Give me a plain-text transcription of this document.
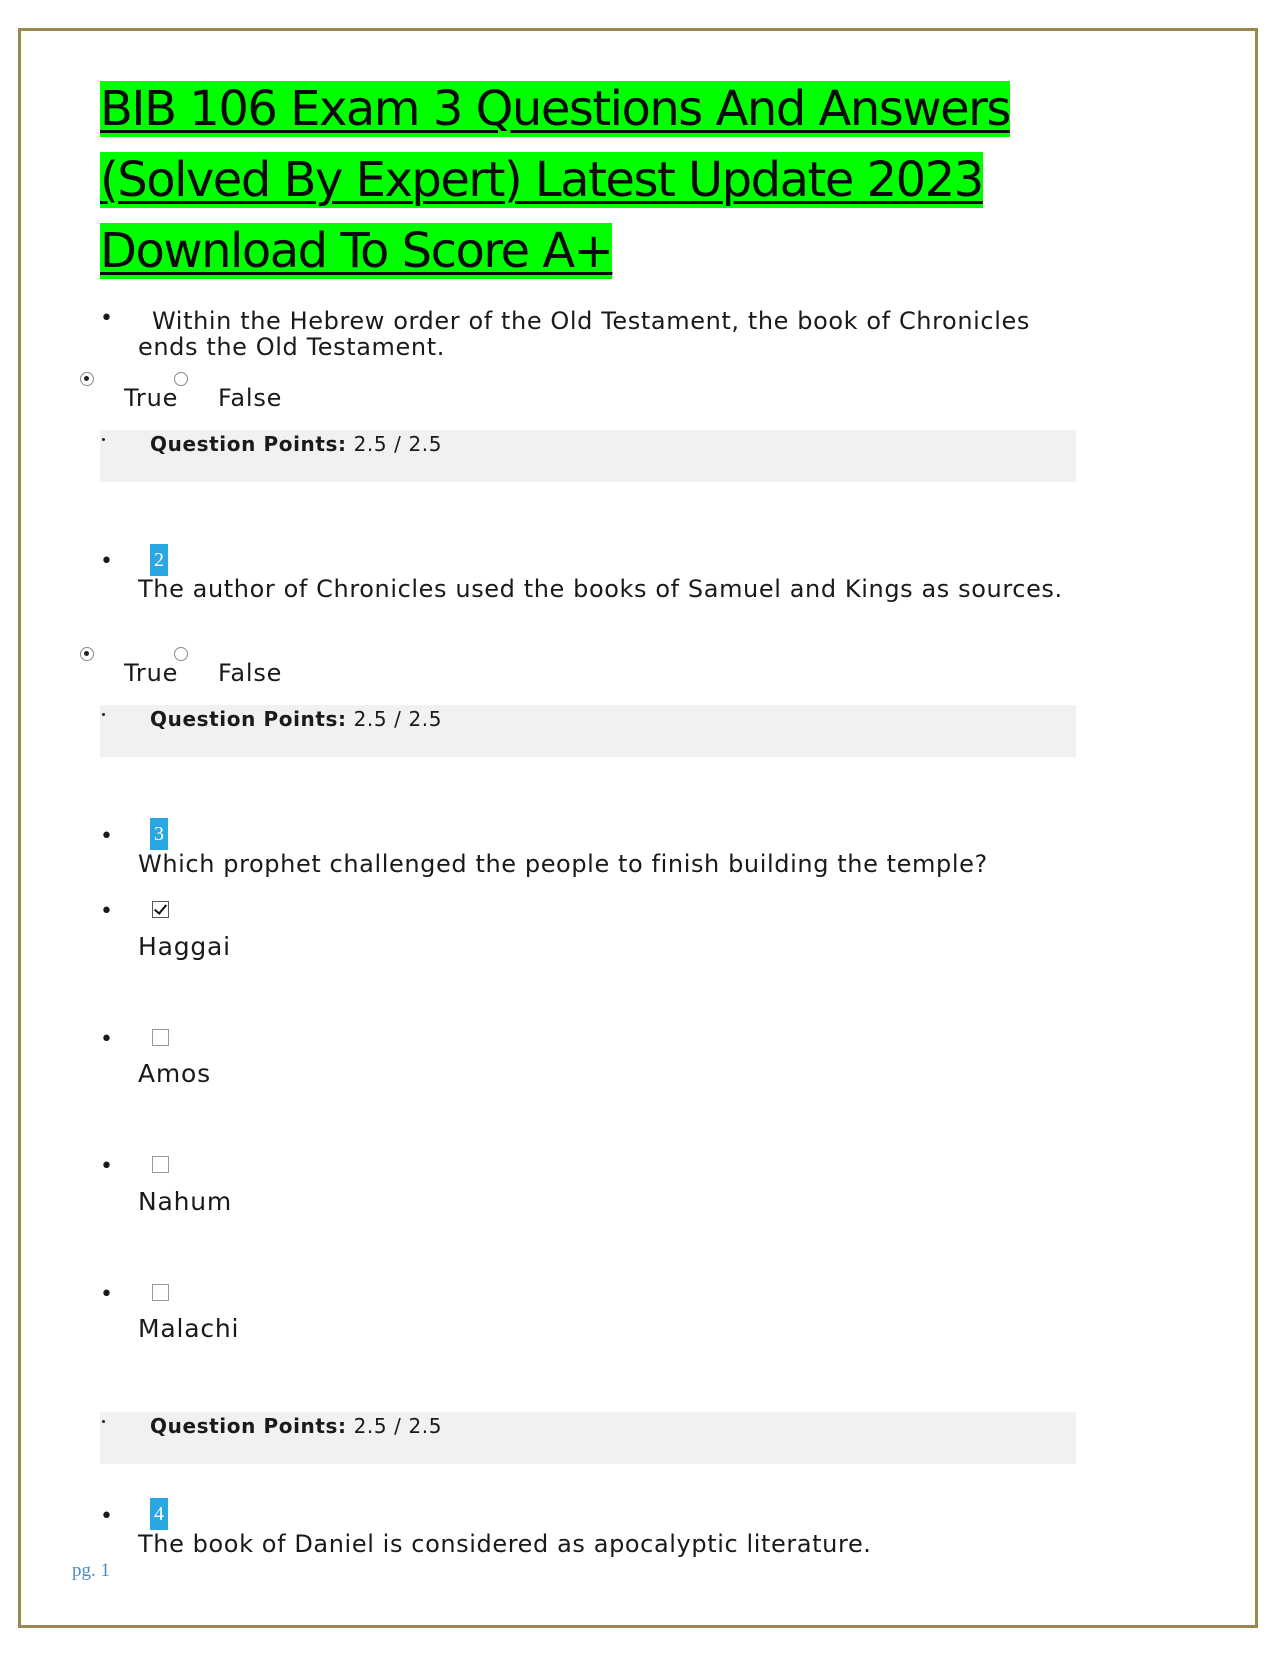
BIB 106 Exam 3 Questions And Answers (Solved By Expert) Latest Update 2023 Download To Score A+
•	Within the Hebrew order of the Old Testament, the book of Chronicles ends the Old Testament.
True False
Question Points: 2.5 / 2.5
• 2
The author of Chronicles used the books of Samuel and Kings as sources.
True False
Question Points: 2.5 / 2.5
• 3
Which prophet challenged the people to finish building the temple?
•
Haggai
•
Amos
•
Nahum
•
Malachi
Question Points: 2.5 / 2.5
• 4
The book of Daniel is considered as apocalyptic literature.
pg. 1
